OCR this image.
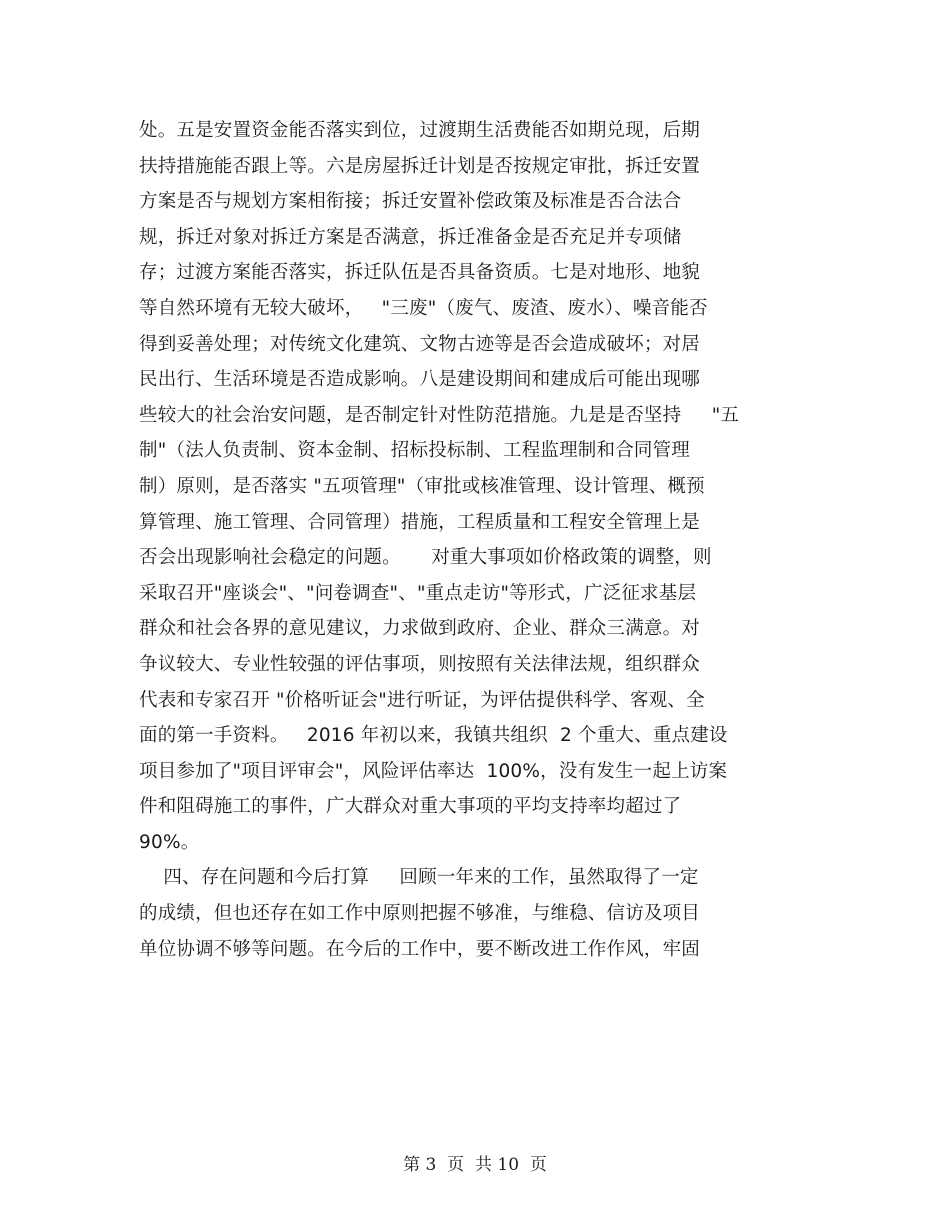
处。五是安置资金能否落实到位，过渡期生活费能否如期兑现，后期
扶持措施能否跟上等。六是房屋拆迁计划是否按规定审批，拆迁安置
方案是否与规划方案相衔接；拆迁安置补偿政策及标准是否合法合
规，拆迁对象对拆迁方案是否满意，拆迁准备金是否充足并专项储
存；过渡方案能否落实，拆迁队伍是否具备资质。七是对地形、地貌
等自然环境有无较大破坏，   "三废"（废气、废渣、废水）、噪音能否
得到妥善处理；对传统文化建筑、文物古迹等是否会造成破坏；对居
民出行、生活环境是否造成影响。八是建设期间和建成后可能出现哪
些较大的社会治安问题，是否制定针对性防范措施。九是是否坚持     "五
制"（法人负责制、资本金制、招标投标制、工程监理制和合同管理
制）原则，是否落实 "五项管理"（审批或核准管理、设计管理、概预
算管理、施工管理、合同管理）措施，工程质量和工程安全管理上是
否会出现影响社会稳定的问题。     对重大事项如价格政策的调整，则
采取召开"座谈会"、"问卷调查"、"重点走访"等形式，广泛征求基层
群众和社会各界的意见建议，力求做到政府、企业、群众三满意。对
争议较大、专业性较强的评估事项，则按照有关法律法规，组织群众
代表和专家召开 "价格听证会"进行听证，为评估提供科学、客观、全
面的第一手资料。   2016 年初以来，我镇共组织  2 个重大、重点建设
项目参加了"项目评审会"，风险评估率达  100%，没有发生一起上访案
件和阻碍施工的事件，广大群众对重大事项的平均支持率均超过了
90%。
四、存在问题和今后打算     回顾一年来的工作，虽然取得了一定
的成绩，但也还存在如工作中原则把握不够准，与维稳、信访及项目
单位协调不够等问题。在今后的工作中，要不断改进工作作风，牢固
第 3  页  共 10  页
